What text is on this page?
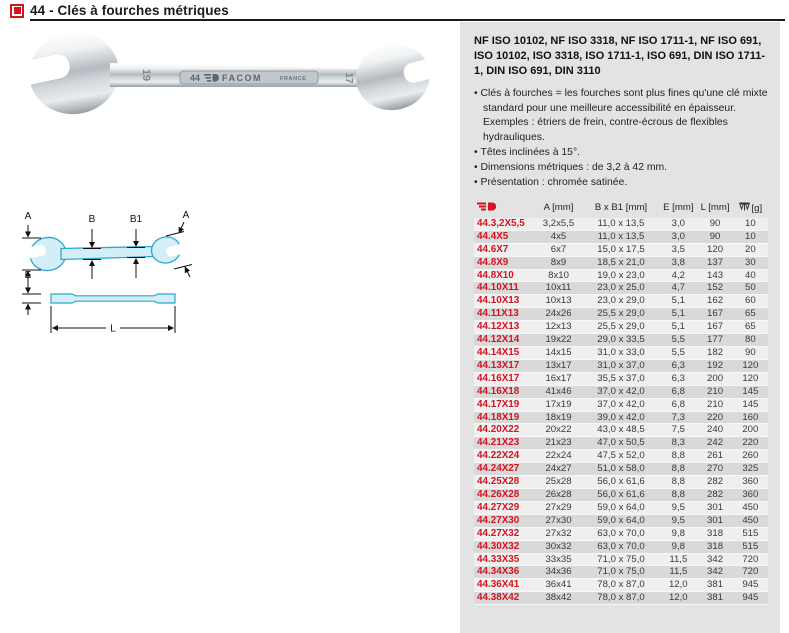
44 - Clés à fourches métriques
44 FACOM	FRANCE
19	17
A	B	B1	A
E
L
NF ISO 10102, NF ISO 3318, NF ISO 1711-1, NF ISO 691, ISO 10102, ISO 3318, ISO 1711-1, ISO 691, DIN ISO 1711-1, DIN ISO 691, DIN 3110
• Clés à fourches = les fourches sont plus fines qu'une clé mixte standard pour une meilleure accessibilité en épaisseur. Exemples : étriers de frein, contre-écrous de flexibles hydrauliques.
• Têtes inclinées à 15°.
• Dimensions métriques : de 3,2 à 42 mm.
• Présentation : chromée satinée.
	A [mm]	B x B1 [mm]	E [mm]	L [mm]	[g]
44.3,2X5,5	3,2x5,5	11,0 x 13,5	3,0	90	10
44.4X5	4x5	11,0 x 13,5	3,0	90	10
44.6X7	6x7	15,0 x 17,5	3,5	120	20
44.8X9	8x9	18,5 x 21,0	3,8	137	30
44.8X10	8x10	19,0 x 23,0	4,2	143	40
44.10X11	10x11	23,0 x 25,0	4,7	152	50
44.10X13	10x13	23,0 x 29,0	5,1	162	60
44.11X13	24x26	25,5 x 29,0	5,1	167	65
44.12X13	12x13	25,5 x 29,0	5,1	167	65
44.12X14	19x22	29,0 x 33,5	5,5	177	80
44.14X15	14x15	31,0 x 33,0	5,5	182	90
44.13X17	13x17	31,0 x 37,0	6,3	192	120
44.16X17	16x17	35,5 x 37,0	6,3	200	120
44.16X18	41x46	37,0 x 42,0	6,8	210	145
44.17X19	17x19	37,0 x 42,0	6,8	210	145
44.18X19	18x19	39,0 x 42,0	7,3	220	160
44.20X22	20x22	43,0 x 48,5	7,5	240	200
44.21X23	21x23	47,0 x 50,5	8,3	242	220
44.22X24	22x24	47,5 x 52,0	8,8	261	260
44.24X27	24x27	51,0 x 58,0	8,8	270	325
44.25X28	25x28	56,0 x 61,6	8,8	282	360
44.26X28	26x28	56,0 x 61,6	8,8	282	360
44.27X29	27x29	59,0 x 64,0	9,5	301	450
44.27X30	27x30	59,0 x 64,0	9,5	301	450
44.27X32	27x32	63,0 x 70,0	9,8	318	515
44.30X32	30x32	63,0 x 70,0	9,8	318	515
44.33X35	33x35	71,0 x 75,0	11,5	342	720
44.34X36	34x36	71,0 x 75,0	11,5	342	720
44.36X41	36x41	78,0 x 87,0	12,0	381	945
44.38X42	38x42	78,0 x 87,0	12,0	381	945
